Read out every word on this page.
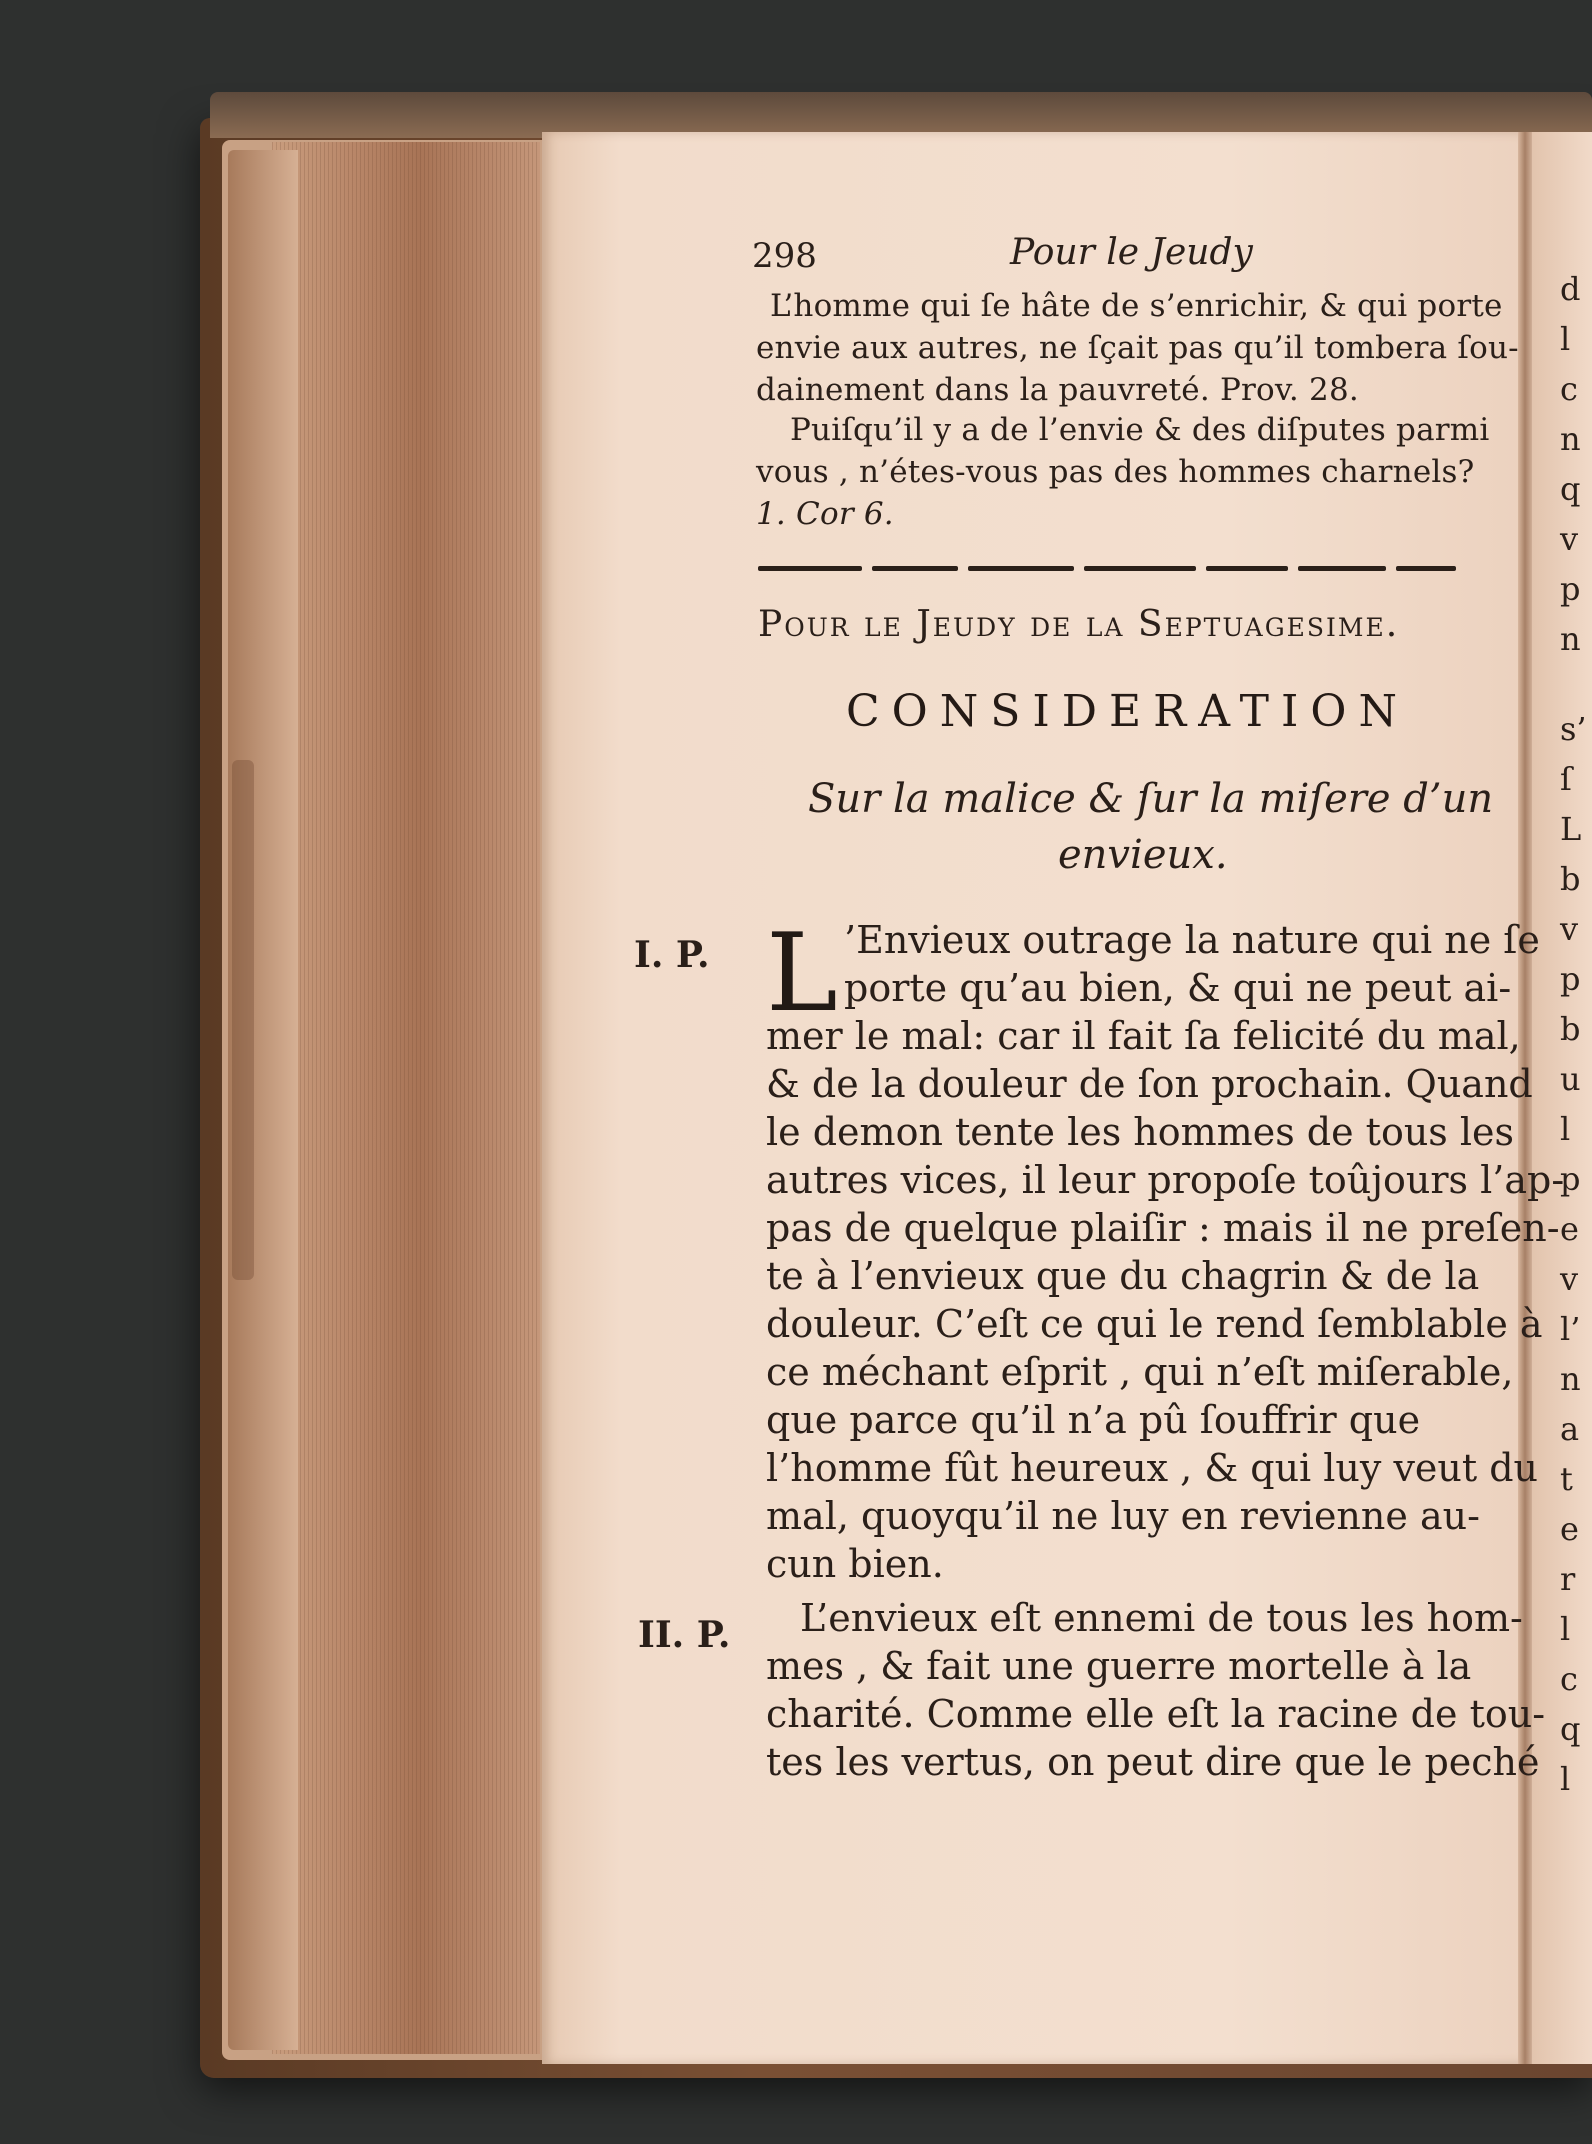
298	Pour le Jeudy
L’homme qui ſe hâte de s’enrichir, & qui porte
envie aux autres, ne ſçait pas qu’il tombera ſou-
dainement dans la pauvreté. Prov. 28.
Puiſqu’il y a de l’envie & des diſputes parmi
vous , n’étes-vous pas des hommes charnels?
1. Cor 6.
Pour le Jeudy de la Septuagesime.
CONSIDERATION
Sur la malice & ſur la miſere d’un
envieux.
I. P. L ’Envieux outrage la nature qui ne ſe
porte qu’au bien, & qui ne peut ai-
mer le mal: car il fait ſa felicité du mal,
& de la douleur de ſon prochain. Quand
le demon tente les hommes de tous les
autres vices, il leur propoſe toûjours l’ap-
pas de quelque plaiſir : mais il ne preſen-
te à l’envieux que du chagrin & de la
douleur. C’eſt ce qui le rend ſemblable à
ce méchant eſprit , qui n’eſt miſerable,
que parce qu’il n’a pû ſouffrir que
l’homme fût heureux , & qui luy veut du
mal, quoyqu’il ne luy en revienne au-
cun bien.
II. P. L’envieux eſt ennemi de tous les hom-
mes , & fait une guerre mortelle à la
charité. Comme elle eſt la racine de tou-
tes les vertus, on peut dire que le peché
d
l
c
n
q
v
p
n
s’
ſ
L
b
v
p
b
u
l
p
e
v
l’
n
a
t
e
r
l
c
q
l
